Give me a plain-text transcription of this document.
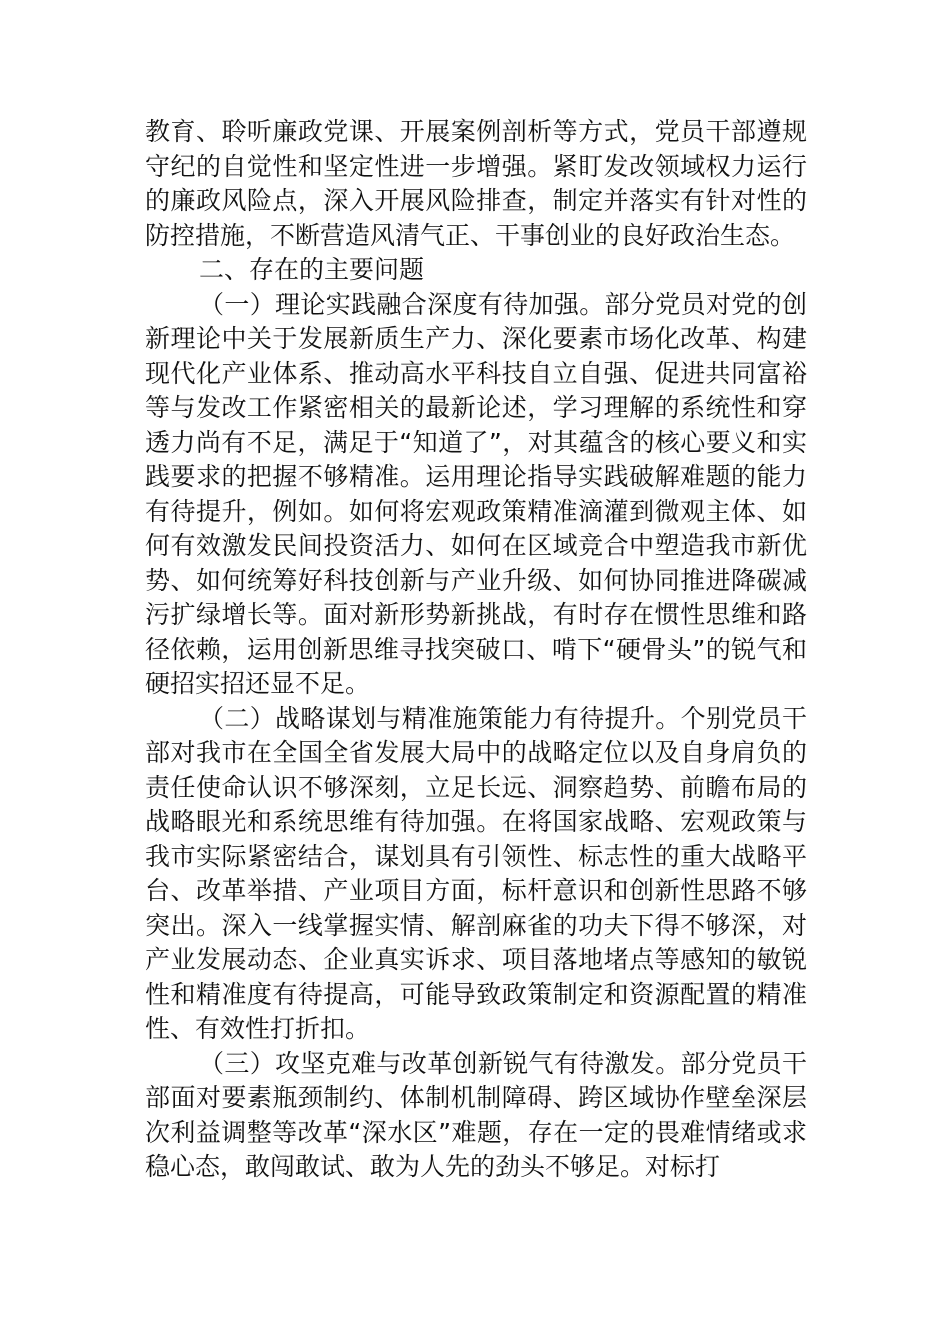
教育、聆听廉政党课、开展案例剖析等方式，党员干部遵规守纪的自觉性和坚定性进一步增强。紧盯发改领域权力运行的廉政风险点，深入开展风险排查，制定并落实有针对性的防控措施，不断营造风清气正、干事创业的良好政治生态。

二、存在的主要问题

（一）理论实践融合深度有待加强。部分党员对党的创新理论中关于发展新质生产力、深化要素市场化改革、构建现代化产业体系、推动高水平科技自立自强、促进共同富裕等与发改工作紧密相关的最新论述，学习理解的系统性和穿透力尚有不足，满足于“知道了”，对其蕴含的核心要义和实践要求的把握不够精准。运用理论指导实践破解难题的能力有待提升，例如。如何将宏观政策精准滴灌到微观主体、如何有效激发民间投资活力、如何在区域竞合中塑造我市新优势、如何统筹好科技创新与产业升级、如何协同推进降碳减污扩绿增长等。面对新形势新挑战，有时存在惯性思维和路径依赖，运用创新思维寻找突破口、啃下“硬骨头”的锐气和硬招实招还显不足。

（二）战略谋划与精准施策能力有待提升。个别党员干部对我市在全国全省发展大局中的战略定位以及自身肩负的责任使命认识不够深刻，立足长远、洞察趋势、前瞻布局的战略眼光和系统思维有待加强。在将国家战略、宏观政策与我市实际紧密结合，谋划具有引领性、标志性的重大战略平台、改革举措、产业项目方面，标杆意识和创新性思路不够突出。深入一线掌握实情、解剖麻雀的功夫下得不够深，对产业发展动态、企业真实诉求、项目落地堵点等感知的敏锐性和精准度有待提高，可能导致政策制定和资源配置的精准性、有效性打折扣。

（三）攻坚克难与改革创新锐气有待激发。部分党员干部面对要素瓶颈制约、体制机制障碍、跨区域协作壁垒深层次利益调整等改革“深水区”难题，存在一定的畏难情绪或求稳心态，敢闯敢试、敢为人先的劲头不够足。对标打
